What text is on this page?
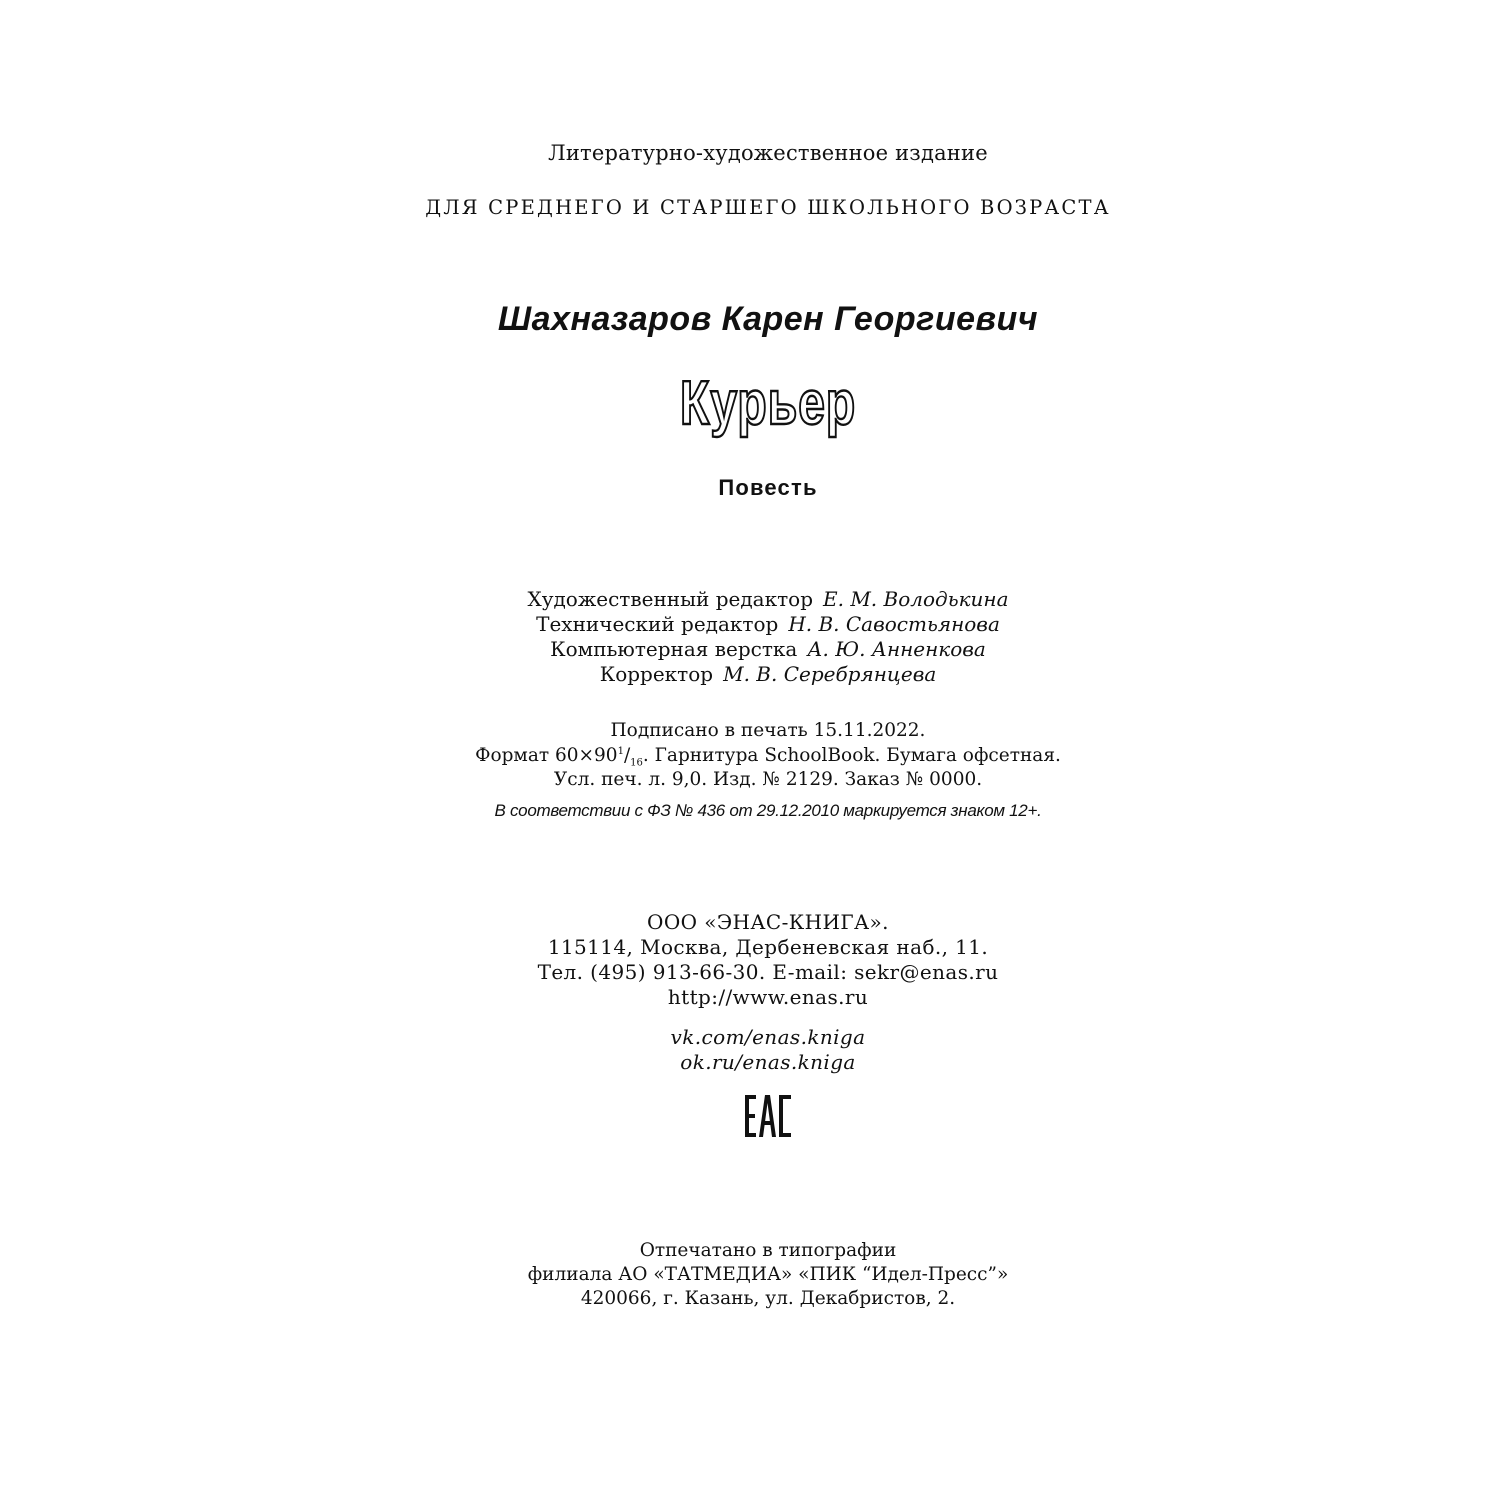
Литературно-художественное издание
ДЛЯ СРЕДНЕГО И СТАРШЕГО ШКОЛЬНОГО ВОЗРАСТА
Шахназаров Карен Георгиевич
Курьер
Повесть
Художественный редактор Е. М. Володькина
Технический редактор Н. В. Савостьянова
Компьютерная верстка А. Ю. Анненкова
Корректор М. В. Серебрянцева
Подписано в печать 15.11.2022.
Формат $60\times 90^1/_{16}$. Гарнитура SchoolBook. Бумага офсетная.
Усл. печ. л. 9,0. Изд. № 2129. Заказ № 0000.
В соответствии с ФЗ № 436 от 29.12.2010 маркируется знаком 12+.
ООО «ЭНАС-КНИГА».
115114, Москва, Дербеневская наб., 11.
Тел. (495) 913-66-30. E-mail: sekr@enas.ru
http://www.enas.ru
vk.com/enas.kniga
ok.ru/enas.kniga
Отпечатано в типографии
филиала АО «ТАТМЕДИА» «ПИК “Идел-Пресс”»
420066, г. Казань, ул. Декабристов, 2.
